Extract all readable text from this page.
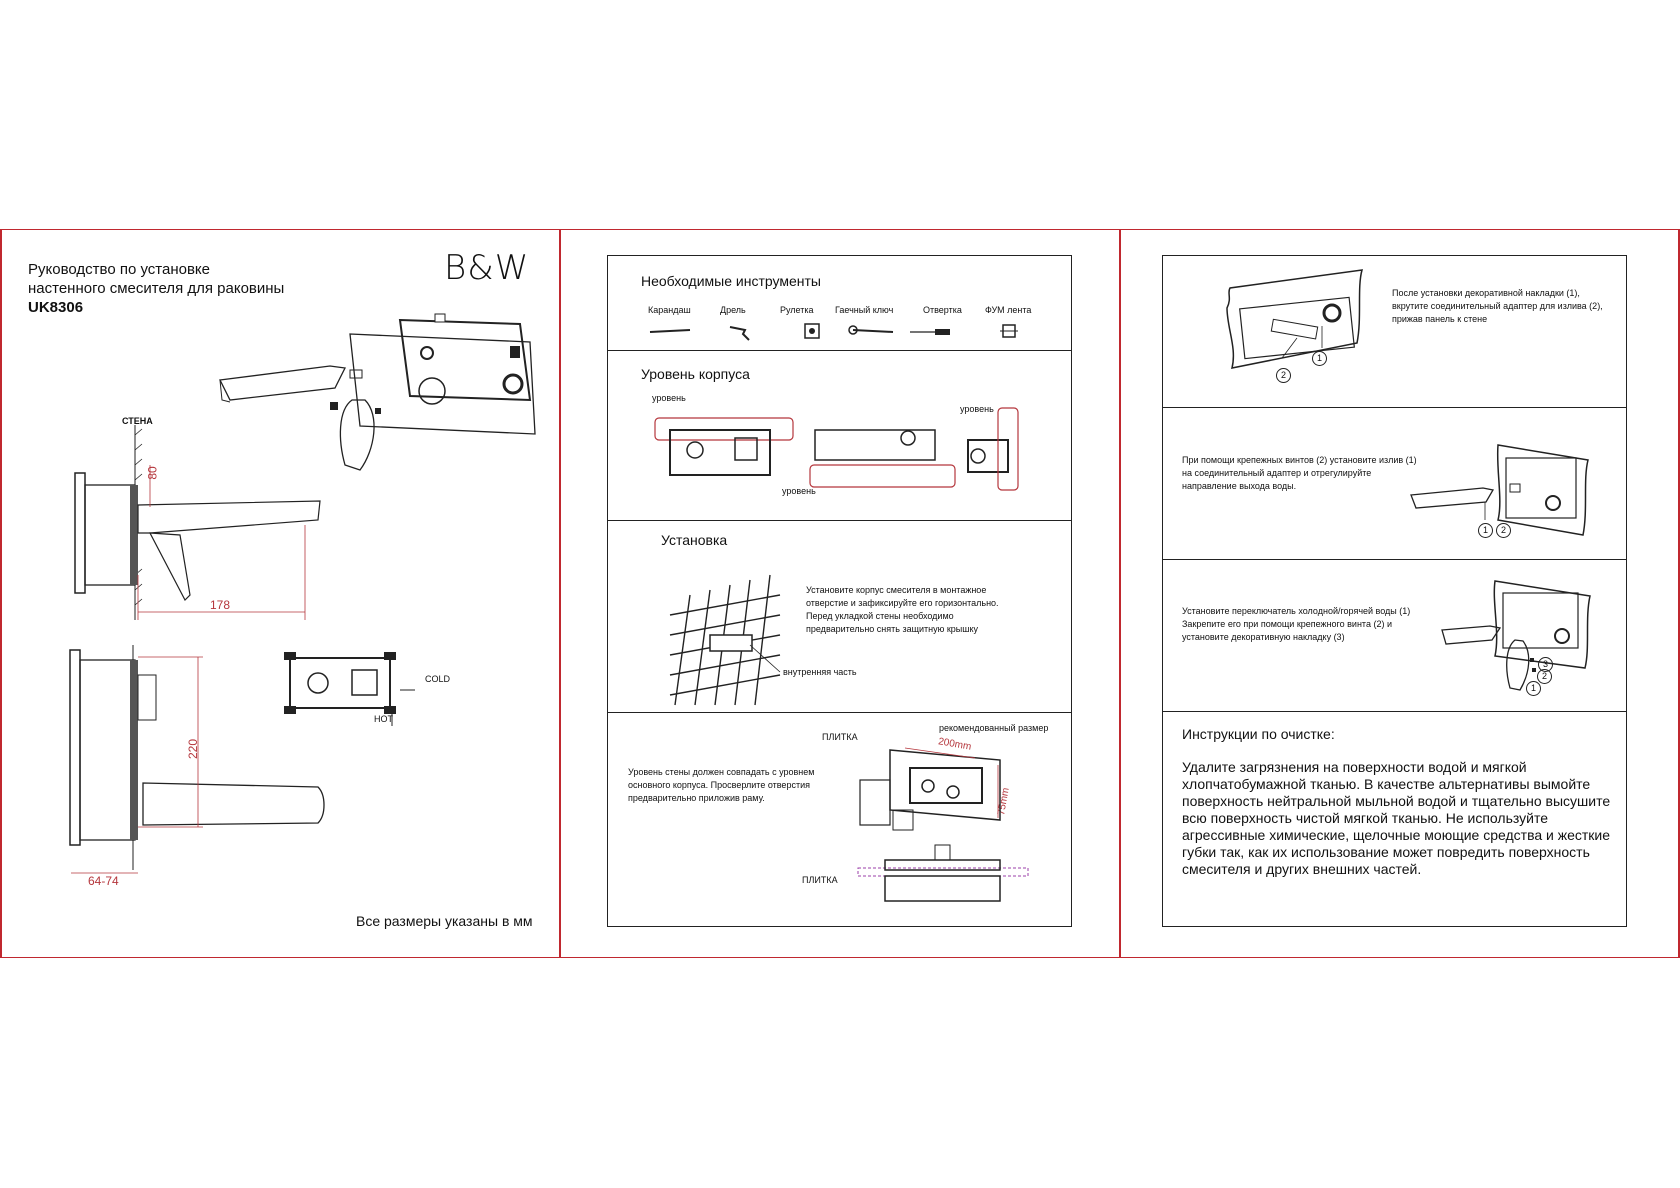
Руководство по установке
настенного смесителя для раковины
UK8306
B&W
СТЕНА
80
178
COLD
HOT
220
64-74
Все размеры указаны в мм
Необходимые инструменты
Карандаш	Дрель	Рулетка Гаечный ключ	Отвертка	ФУМ лента
Уровень корпуса
уровень
уровень
уровень
Установка
Установите корпус смесителя в монтажное
отверстие и зафиксируйте его горизонтально.
Перед укладкой стены необходимо
предварительно снять защитную крышку
внутренняя часть
рекомендованный размер
ПЛИТКА
ПЛИТКА
200mm
75mm
Уровень стены должен совпадать с уровнем
основного корпуса. Просверлите отверстия
предварительно приложив раму.
1
2
После установки декоративной накладки (1),
вкрутите соединительный адаптер для излива (2),
прижав панель к стене
При помощи крепежных винтов (2) установите излив (1)
на соединительный адаптер и отрегулируйте
направление выхода воды.
1	2
Установите переключатель холодной/горячей воды (1)
Закрепите его при помощи крепежного винта (2) и
установите декоративную накладку (3)
3
2
1
Инструкции по очистке:
Удалите загрязнения на поверхности водой и мягкой
хлопчатобумажной тканью. В качестве альтернативы вымойте
поверхность нейтральной мыльной водой и тщательно высушите
всю поверхность чистой мягкой тканью. Не используйте
агрессивные химические, щелочные моющие средства и жесткие
губки так, как их использование может повредить поверхность
смесителя и других внешних частей.
